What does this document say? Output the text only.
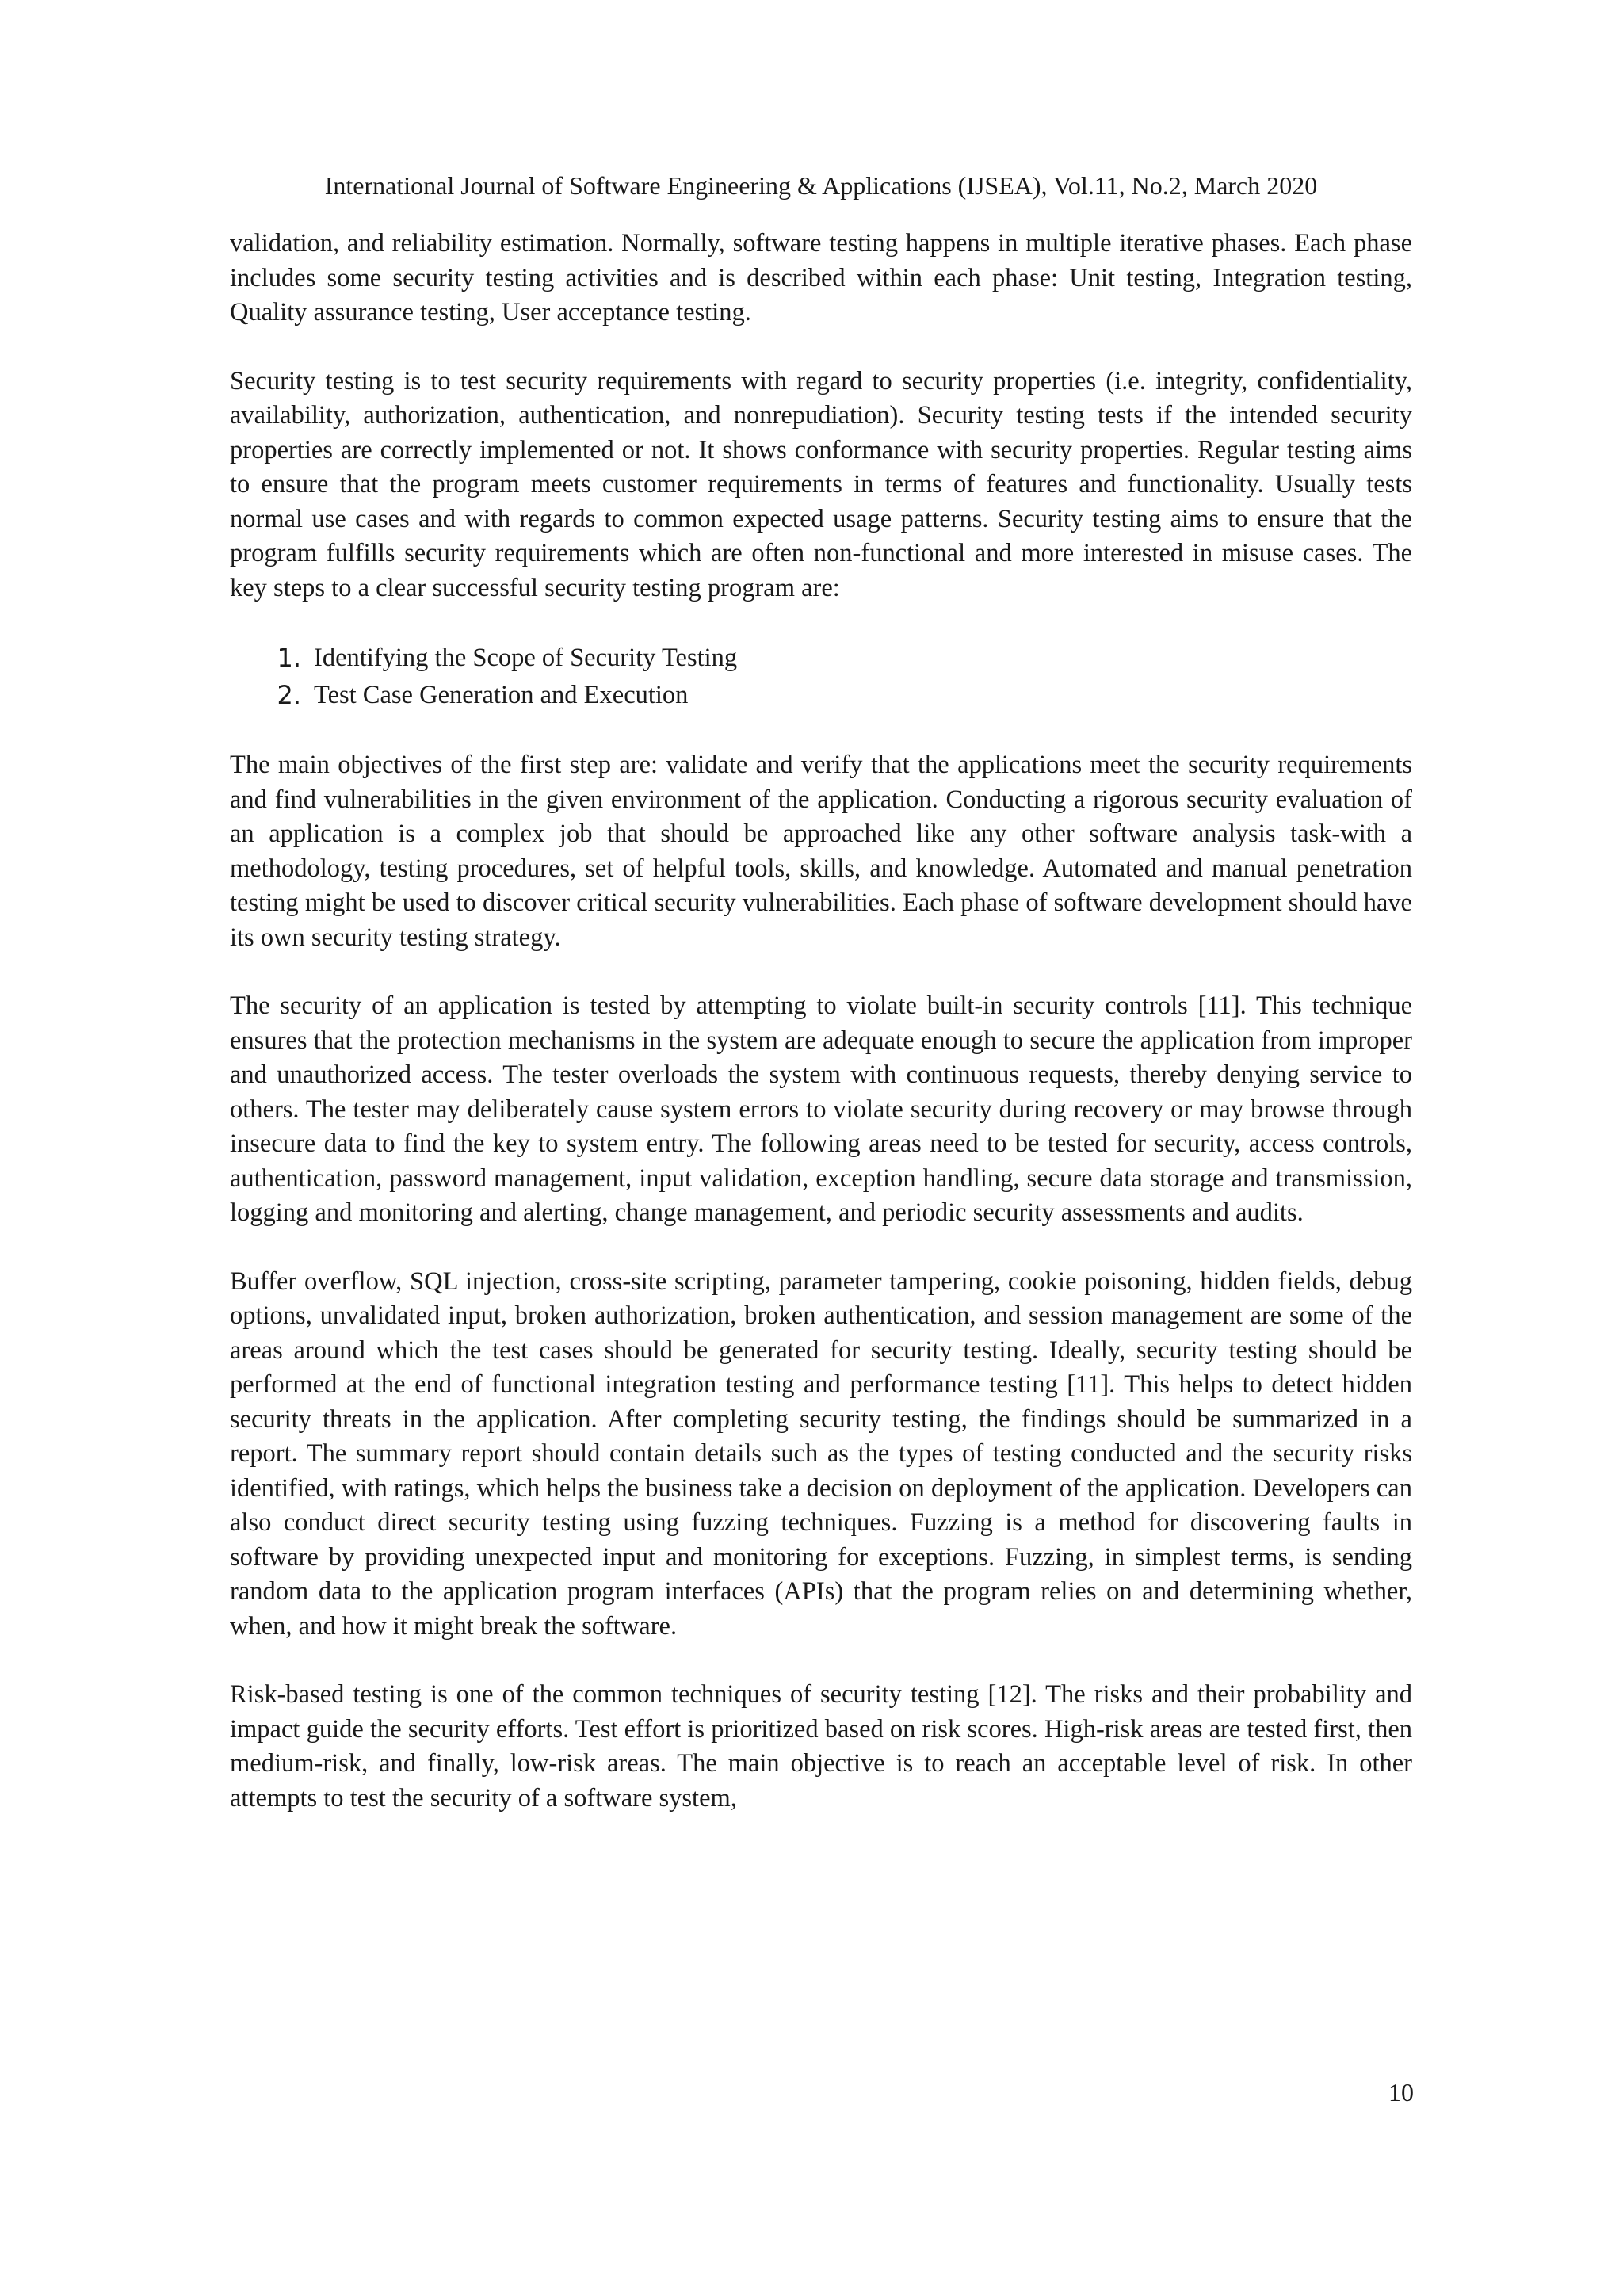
International Journal of Software Engineering & Applications (IJSEA), Vol.11, No.2, March 2020

validation, and reliability estimation. Normally, software testing happens in multiple iterative phases. Each phase includes some security testing activities and is described within each phase: Unit testing, Integration testing, Quality assurance testing, User acceptance testing.

Security testing is to test security requirements with regard to security properties (i.e. integrity, confidentiality, availability, authorization, authentication, and nonrepudiation). Security testing tests if the intended security properties are correctly implemented or not. It shows conformance with security properties. Regular testing aims to ensure that the program meets customer requirements in terms of features and functionality. Usually tests normal use cases and with regards to common expected usage patterns. Security testing aims to ensure that the program fulfills security requirements which are often non-functional and more interested in misuse cases. The key steps to a clear successful security testing program are:

1. Identifying the Scope of Security Testing
2. Test Case Generation and Execution

The main objectives of the first step are: validate and verify that the applications meet the security requirements and find vulnerabilities in the given environment of the application. Conducting a rigorous security evaluation of an application is a complex job that should be approached like any other software analysis task-with a methodology, testing procedures, set of helpful tools, skills, and knowledge. Automated and manual penetration testing might be used to discover critical security vulnerabilities. Each phase of software development should have its own security testing strategy.

The security of an application is tested by attempting to violate built-in security controls [11]. This technique ensures that the protection mechanisms in the system are adequate enough to secure the application from improper and unauthorized access. The tester overloads the system with continuous requests, thereby denying service to others. The tester may deliberately cause system errors to violate security during recovery or may browse through insecure data to find the key to system entry. The following areas need to be tested for security, access controls, authentication, password management, input validation, exception handling, secure data storage and transmission, logging and monitoring and alerting, change management, and periodic security assessments and audits.

Buffer overflow, SQL injection, cross-site scripting, parameter tampering, cookie poisoning, hidden fields, debug options, unvalidated input, broken authorization, broken authentication, and session management are some of the areas around which the test cases should be generated for security testing. Ideally, security testing should be performed at the end of functional integration testing and performance testing [11]. This helps to detect hidden security threats in the application. After completing security testing, the findings should be summarized in a report. The summary report should contain details such as the types of testing conducted and the security risks identified, with ratings, which helps the business take a decision on deployment of the application. Developers can also conduct direct security testing using fuzzing techniques. Fuzzing is a method for discovering faults in software by providing unexpected input and monitoring for exceptions. Fuzzing, in simplest terms, is sending random data to the application program interfaces (APIs) that the program relies on and determining whether, when, and how it might break the software.

Risk-based testing is one of the common techniques of security testing [12]. The risks and their probability and impact guide the security efforts. Test effort is prioritized based on risk scores. High-risk areas are tested first, then medium-risk, and finally, low-risk areas. The main objective is to reach an acceptable level of risk. In other attempts to test the security of a software system,

10
